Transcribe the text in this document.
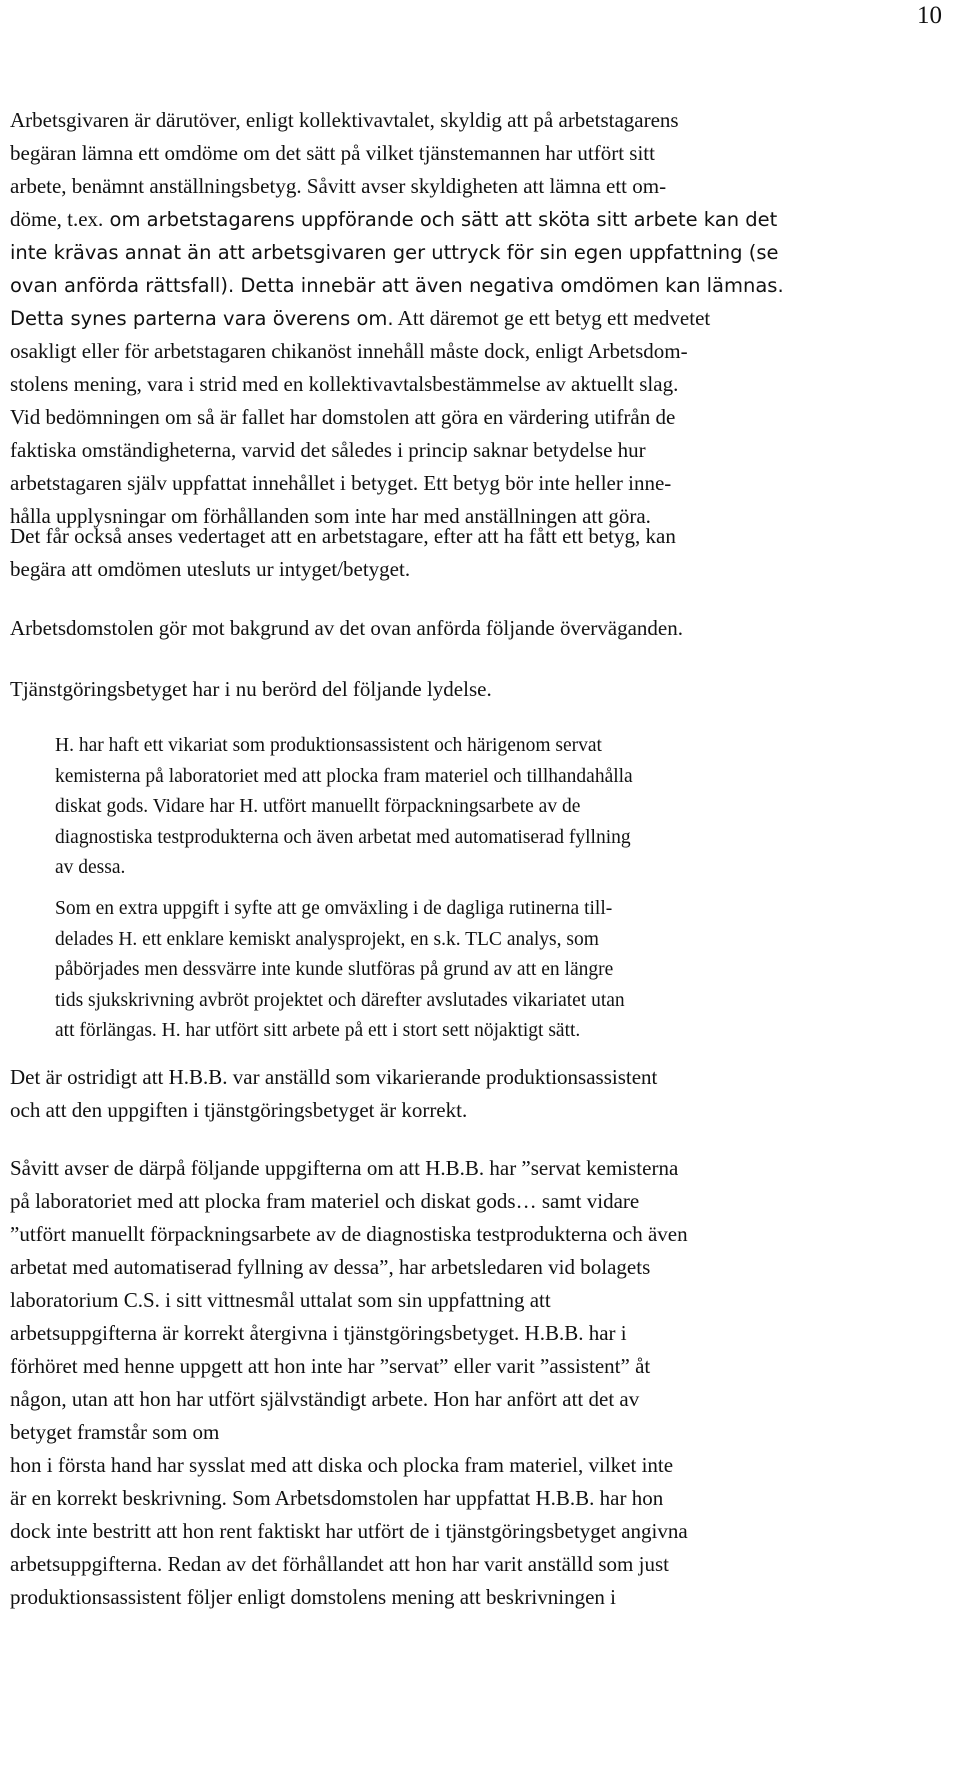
10
Arbetsgivaren är därutöver, enligt kollektivavtalet, skyldig att på arbetstagarens
begäran lämna ett omdöme om det sätt på vilket tjänstemannen har utfört sitt
arbete, benämnt anställningsbetyg. Såvitt avser skyldigheten att lämna ett om-
döme, t.ex. om arbetstagarens uppförande och sätt att sköta sitt arbete kan det
inte krävas annat än att arbetsgivaren ger uttryck för sin egen uppfattning (se
ovan anförda rättsfall). Detta innebär att även negativa omdömen kan lämnas.
Detta synes parterna vara överens om. Att däremot ge ett betyg ett medvetet
osakligt eller för arbetstagaren chikanöst innehåll måste dock, enligt Arbetsdom-
stolens mening, vara i strid med en kollektivavtalsbestämmelse av aktuellt slag.
Vid bedömningen om så är fallet har domstolen att göra en värdering utifrån de
faktiska omständigheterna, varvid det således i princip saknar betydelse hur
arbetstagaren själv uppfattat innehållet i betyget. Ett betyg bör inte heller inne-
hålla upplysningar om förhållanden som inte har med anställningen att göra.
Det får också anses vedertaget att en arbetstagare, efter att ha fått ett betyg, kan
begära att omdömen utesluts ur intyget/betyget.
Arbetsdomstolen gör mot bakgrund av det ovan anförda följande överväganden.
Tjänstgöringsbetyget har i nu berörd del följande lydelse.
H. har haft ett vikariat som produktionsassistent och härigenom servat
kemisterna på laboratoriet med att plocka fram materiel och tillhandahålla
diskat gods. Vidare har H. utfört manuellt förpackningsarbete av de
diagnostiska testprodukterna och även arbetat med automatiserad fyllning
av dessa.
Som en extra uppgift i syfte att ge omväxling i de dagliga rutinerna till-
delades H. ett enklare kemiskt analysprojekt, en s.k. TLC analys, som
påbörjades men dessvärre inte kunde slutföras på grund av att en längre
tids sjukskrivning avbröt projektet och därefter avslutades vikariatet utan
att förlängas. H. har utfört sitt arbete på ett i stort sett nöjaktigt sätt.
Det är ostridigt att H.B.B. var anställd som vikarierande produktionsassistent
och att den uppgiften i tjänstgöringsbetyget är korrekt.
Såvitt avser de därpå följande uppgifterna om att H.B.B. har ”servat kemisterna
på laboratoriet med att plocka fram materiel och diskat gods… samt vidare
”utfört manuellt förpackningsarbete av de diagnostiska testprodukterna och även
arbetat med automatiserad fyllning av dessa”, har arbetsledaren vid bolagets
laboratorium C.S. i sitt vittnesmål uttalat som sin uppfattning att
arbetsuppgifterna är korrekt återgivna i tjänstgöringsbetyget. H.B.B. har i
förhöret med henne uppgett att hon inte har ”servat” eller varit ”assistent” åt
någon, utan att hon har utfört självständigt arbete. Hon har anfört att det av
betyget framstår som om
hon i första hand har sysslat med att diska och plocka fram materiel, vilket inte
är en korrekt beskrivning. Som Arbetsdomstolen har uppfattat H.B.B. har hon
dock inte bestritt att hon rent faktiskt har utfört de i tjänstgöringsbetyget angivna
arbetsuppgifterna. Redan av det förhållandet att hon har varit anställd som just
produktionsassistent följer enligt domstolens mening att beskrivningen i
